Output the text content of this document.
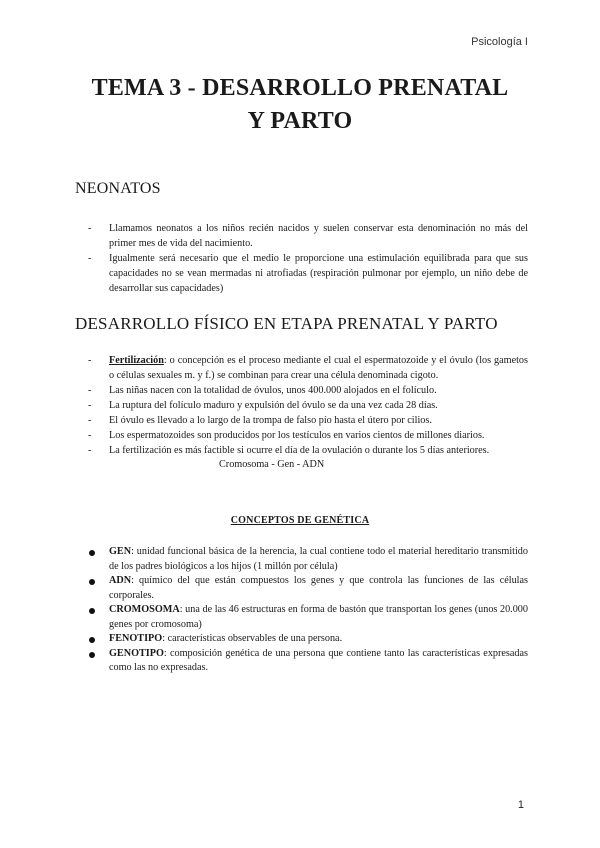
Psicología I
TEMA 3 - DESARROLLO PRENATAL
Y PARTO
NEONATOS
- Llamamos neonatos a los niños recién nacidos y suelen conservar esta denominación no más del primer mes de vida del nacimiento.
- Igualmente será necesario que el medio le proporcione una estimulación equilibrada para que sus capacidades no se vean mermadas ni atrofiadas (respiración pulmonar por ejemplo, un niño debe de desarrollar sus capacidades)
DESARROLLO FÍSICO EN ETAPA PRENATAL Y PARTO
- Fertilización: o concepción es el proceso mediante el cual el espermatozoide y el óvulo (los gametos o células sexuales m. y f.) se combinan para crear una célula denominada cigoto.
- Las niñas nacen con la totalidad de óvulos, unos 400.000 alojados en el folículo.
- La ruptura del folículo maduro y expulsión del óvulo se da una vez cada 28 días.
- El óvulo es llevado a lo largo de la trompa de falso pío hasta el útero por cilios.
- Los espermatozoides son producidos por los testículos en varios cientos de millones diarios.
- La fertilización es más factible si ocurre el día de la ovulación o durante los 5 días anteriores.
Cromosoma - Gen - ADN
CONCEPTOS DE GENÉTICA
GEN: unidad funcional básica de la herencia, la cual contiene todo el material hereditario transmitido de los padres biológicos a los hijos (1 millón por célula)
ADN: químico del que están compuestos los genes y que controla las funciones de las células corporales.
CROMOSOMA: una de las 46 estructuras en forma de bastón que transportan los genes (unos 20.000 genes por cromosoma)
FENOTIPO: características observables de una persona.
GENOTIPO: composición genética de una persona que contiene tanto las características expresadas como las no expresadas.
1
